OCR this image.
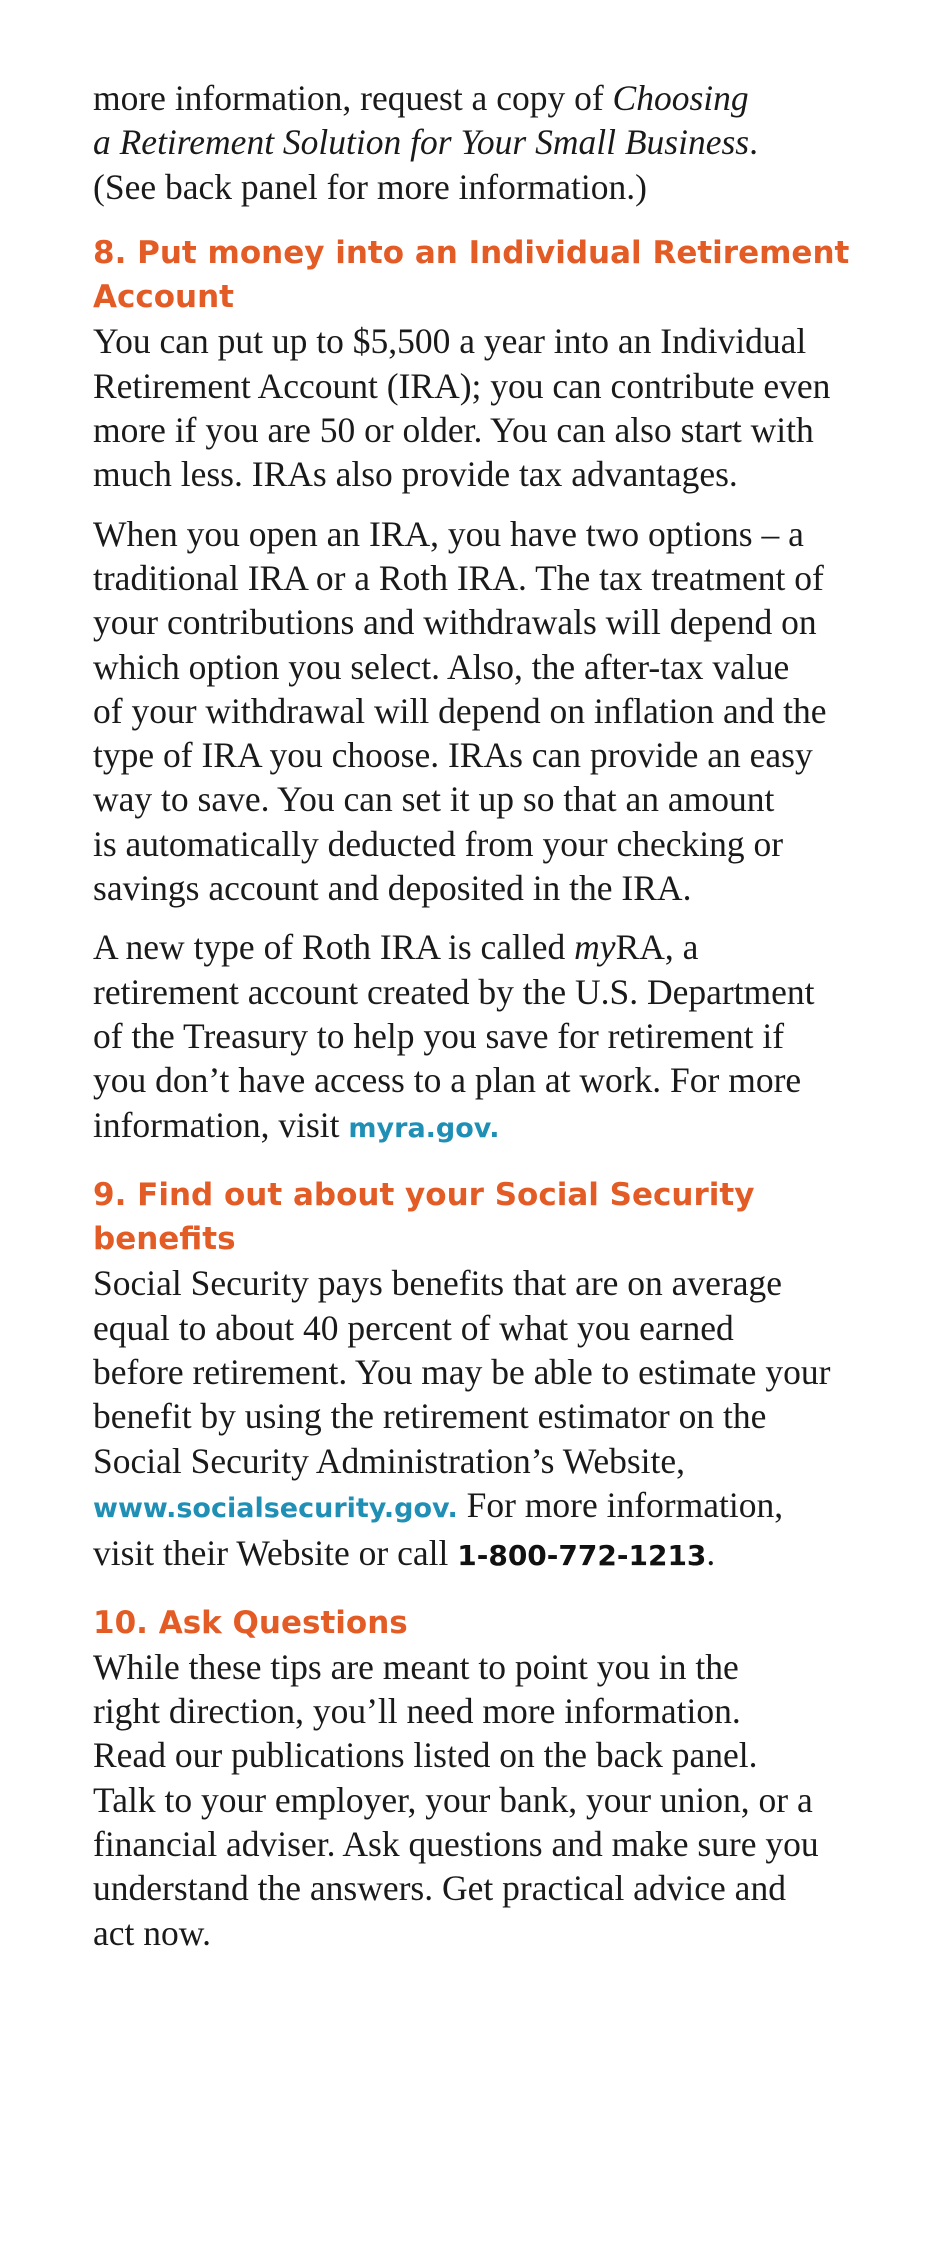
more information, request a copy of Choosing
a Retirement Solution for Your Small Business.
(See back panel for more information.)

8. Put money into an Individual Retirement
Account

You can put up to $5,500 a year into an Individual
Retirement Account (IRA); you can contribute even
more if you are 50 or older. You can also start with
much less. IRAs also provide tax advantages.

When you open an IRA, you have two options – a
traditional IRA or a Roth IRA. The tax treatment of
your contributions and withdrawals will depend on
which option you select. Also, the after-tax value
of your withdrawal will depend on inflation and the
type of IRA you choose. IRAs can provide an easy
way to save. You can set it up so that an amount
is automatically deducted from your checking or
savings account and deposited in the IRA.

A new type of Roth IRA is called myRA, a
retirement account created by the U.S. Department
of the Treasury to help you save for retirement if
you don’t have access to a plan at work. For more
information, visit myra.gov.

9. Find out about your Social Security
benefits

Social Security pays benefits that are on average
equal to about 40 percent of what you earned
before retirement. You may be able to estimate your
benefit by using the retirement estimator on the
Social Security Administration’s Website,
www.socialsecurity.gov. For more information,
visit their Website or call 1-800-772-1213.

10. Ask Questions

While these tips are meant to point you in the
right direction, you’ll need more information.
Read our publications listed on the back panel.
Talk to your employer, your bank, your union, or a
financial adviser. Ask questions and make sure you
understand the answers. Get practical advice and
act now.
